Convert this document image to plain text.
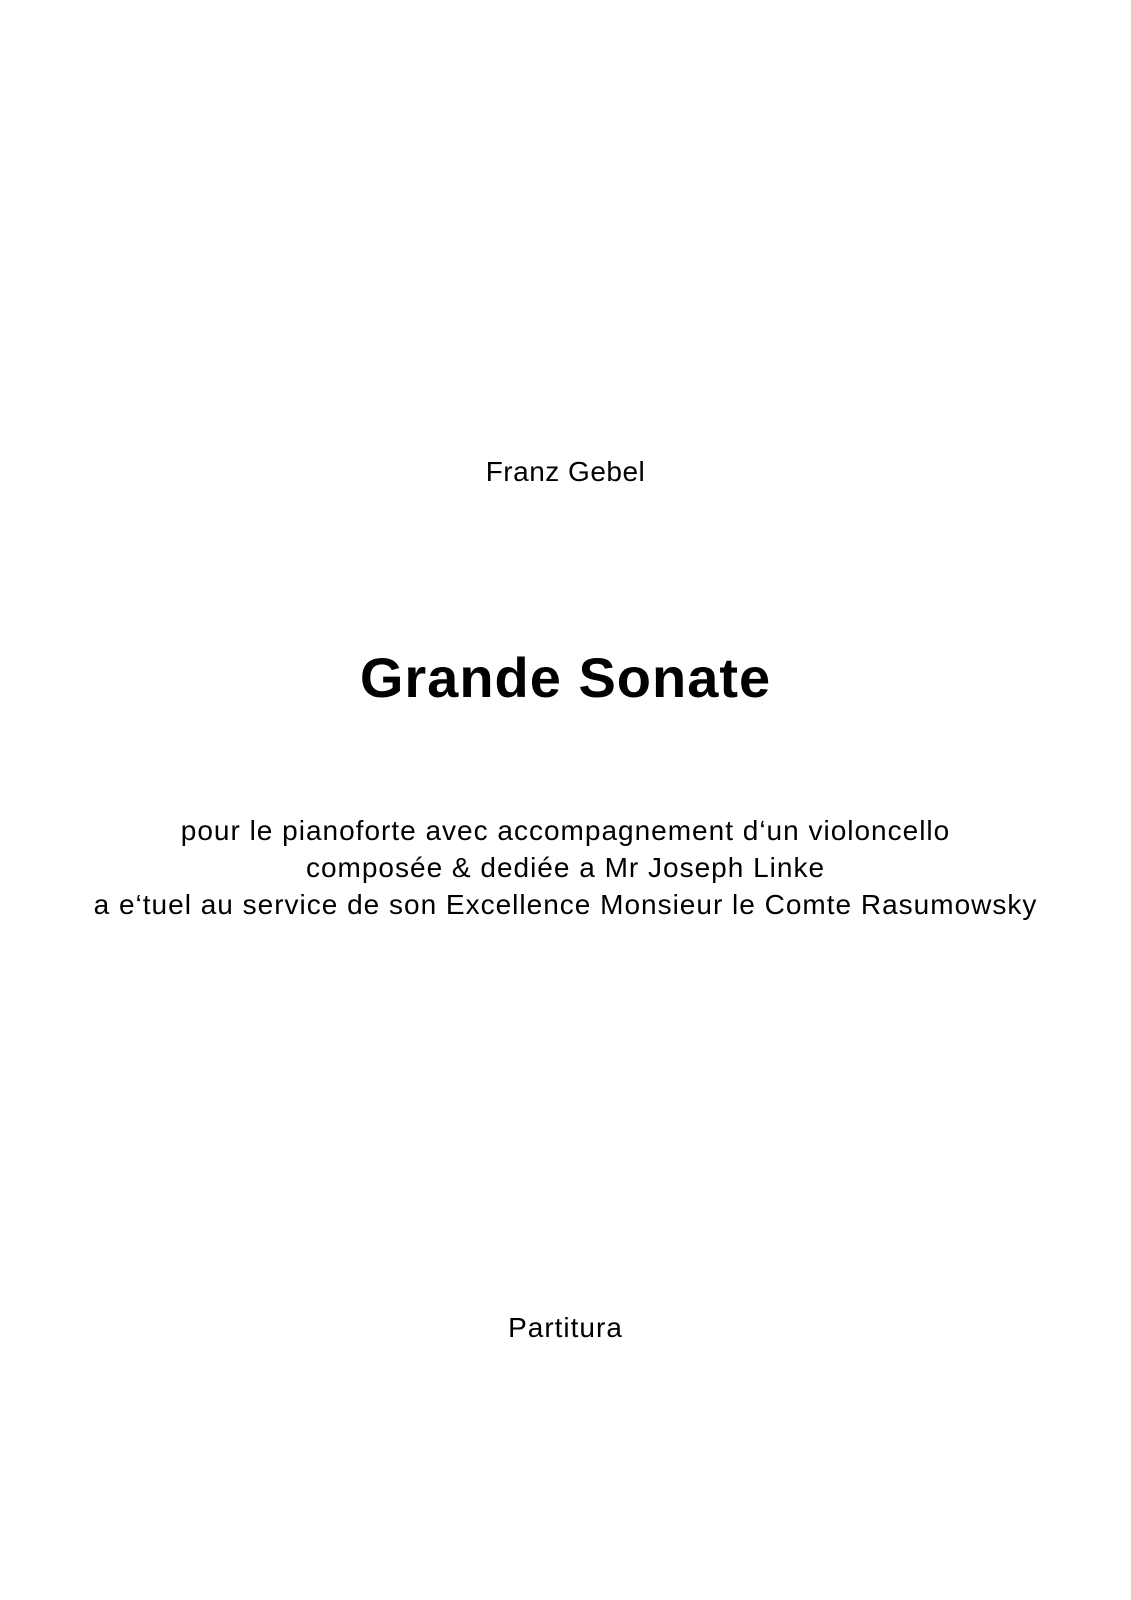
Franz Gebel
Grande Sonate
pour le pianoforte avec accompagnement d‘un violoncello
composée & dediée a Mr Joseph Linke
a e‘tuel au service de son Excellence Monsieur le Comte Rasumowsky
Partitura
